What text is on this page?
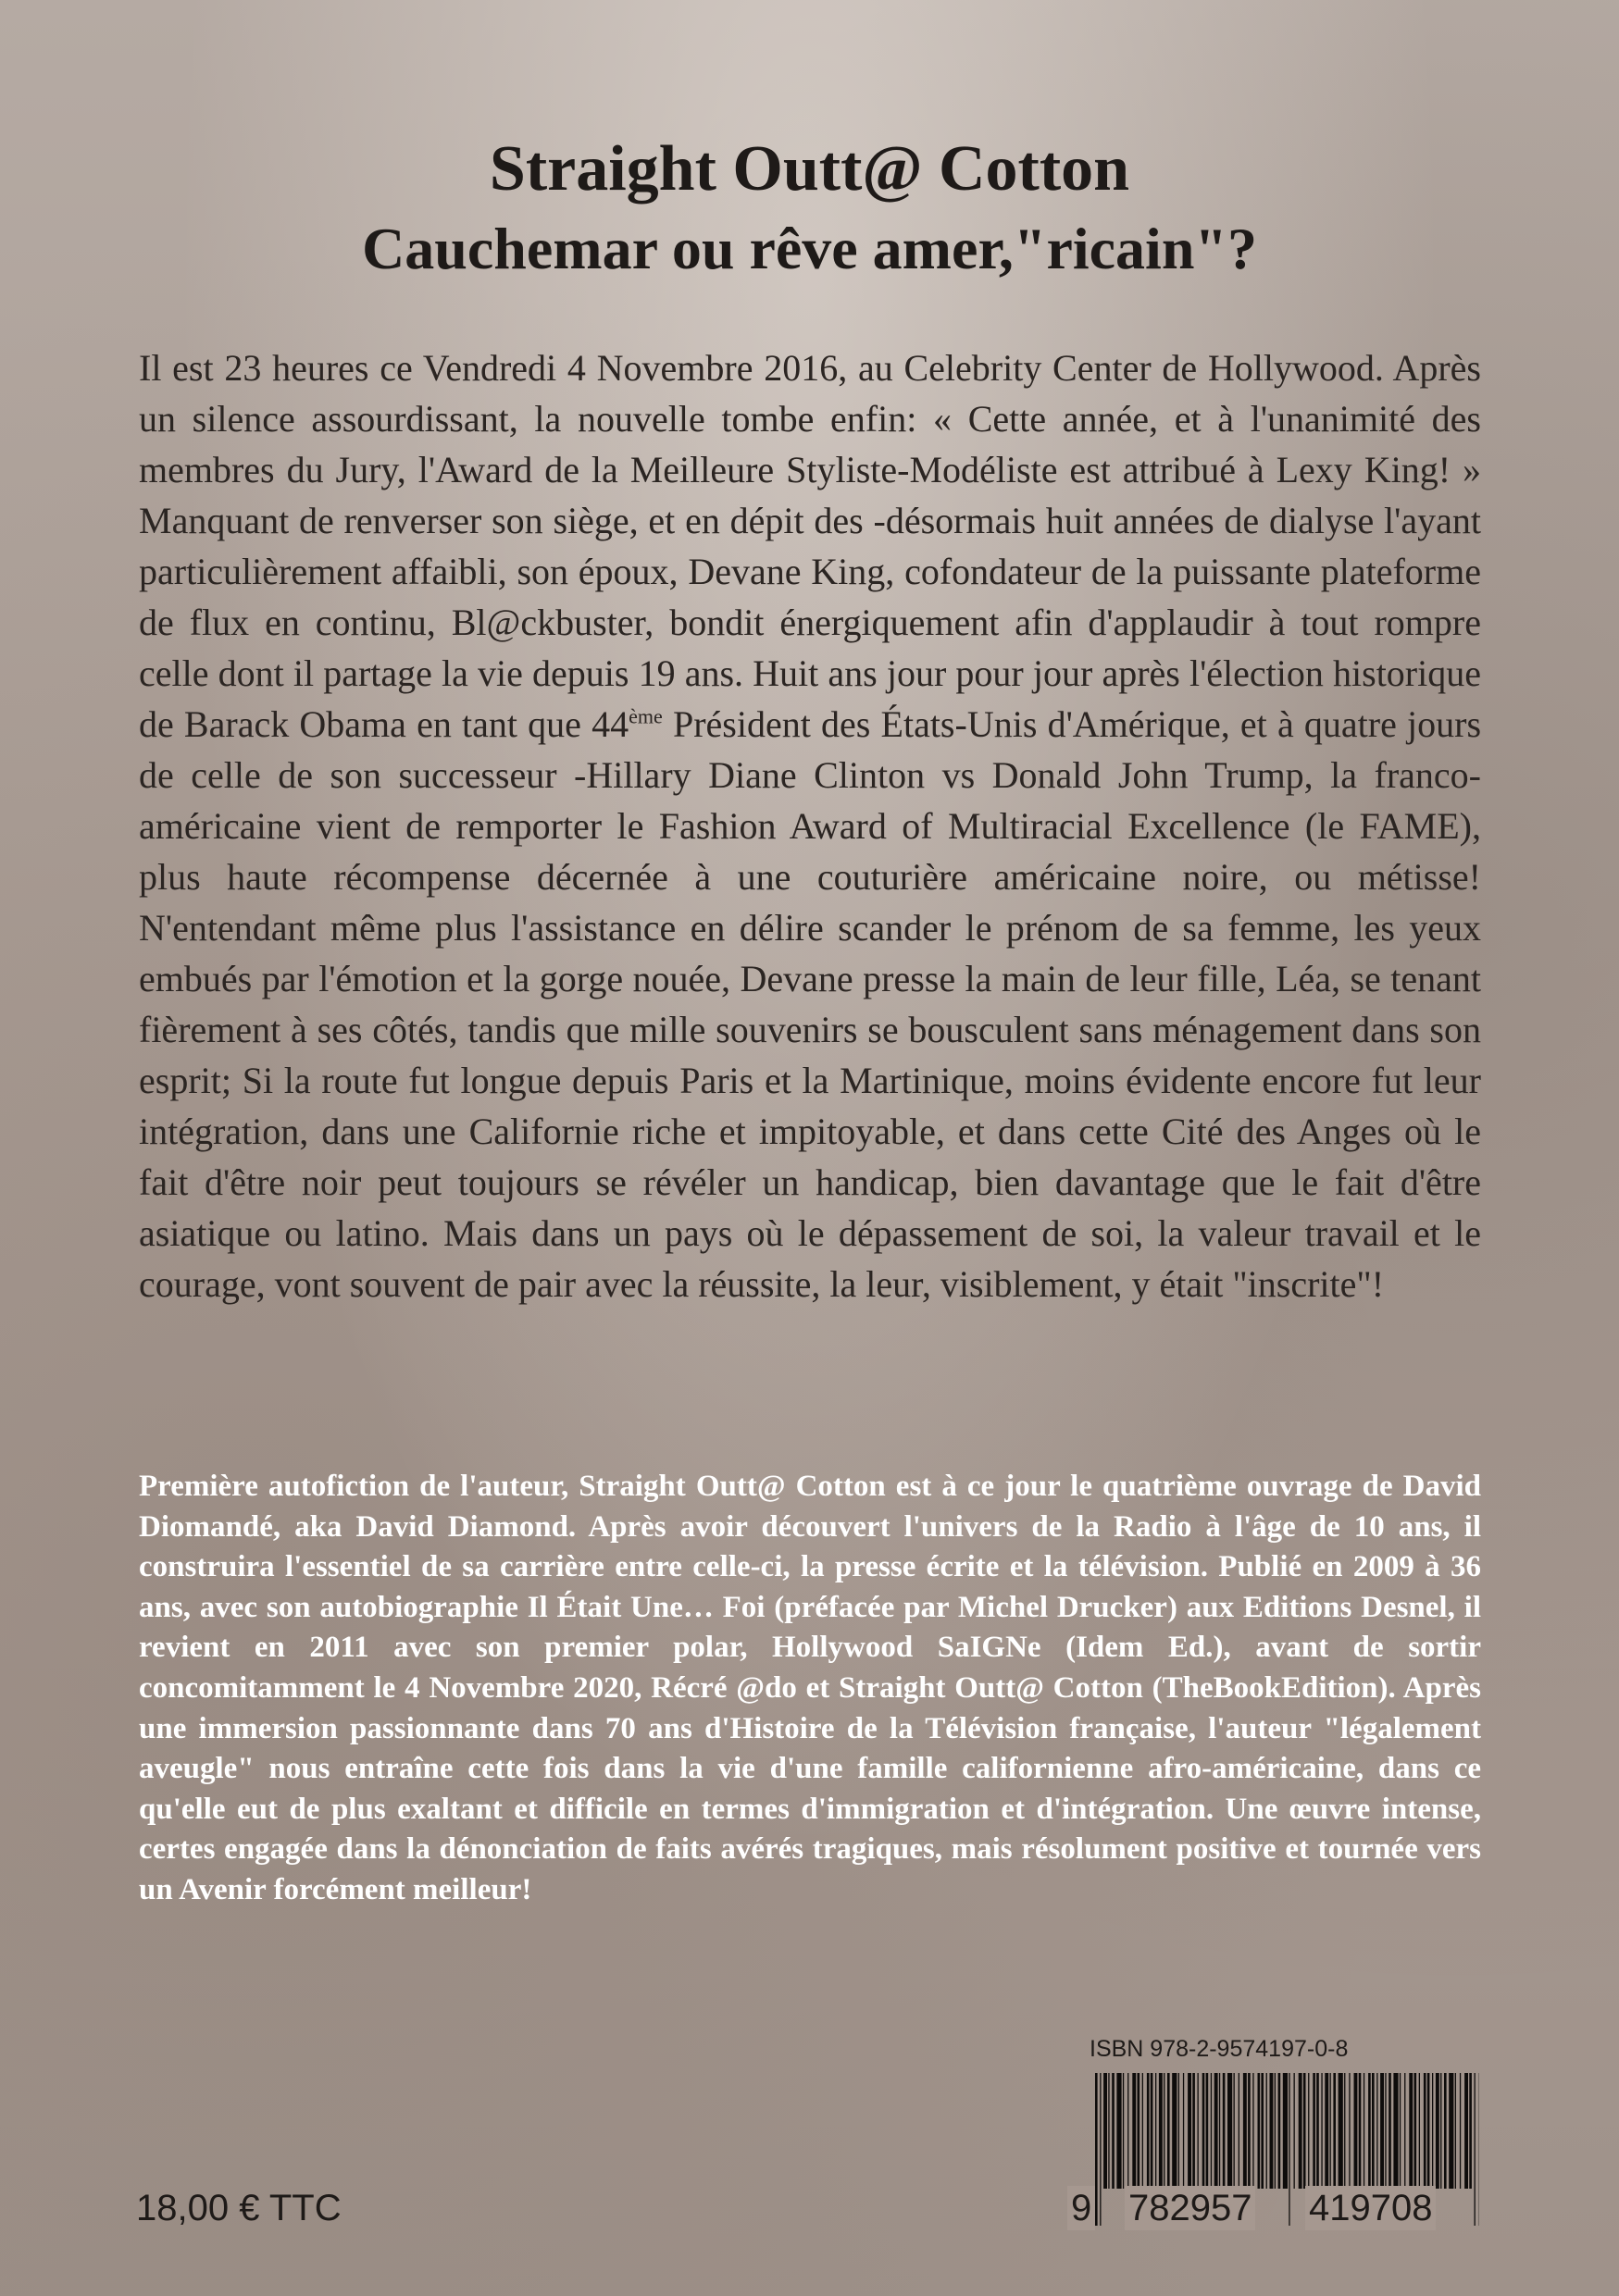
Straight Outt@ Cotton
Cauchemar ou rêve amer,"ricain"?

Il est 23 heures ce Vendredi 4 Novembre 2016, au Celebrity Center de Hollywood. Après un silence assourdissant, la nouvelle tombe enfin: « Cette année, et à l'unanimité des membres du Jury, l'Award de la Meilleure Styliste-Modéliste est attribué à Lexy King! » Manquant de renverser son siège, et en dépit des -désormais huit années de dialyse l'ayant particulièrement affaibli, son époux, Devane King, cofondateur de la puissante plateforme de flux en continu, Bl@ckbuster, bondit énergiquement afin d'applaudir à tout rompre celle dont il partage la vie depuis 19 ans. Huit ans jour pour jour après l'élection historique de Barack Obama en tant que 44ème Président des États-Unis d'Amérique, et à quatre jours de celle de son successeur -Hillary Diane Clinton vs Donald John Trump, la franco-américaine vient de remporter le Fashion Award of Multiracial Excellence (le FAME), plus haute récompense décernée à une couturière américaine noire, ou métisse! N'entendant même plus l'assistance en délire scander le prénom de sa femme, les yeux embués par l'émotion et la gorge nouée, Devane presse la main de leur fille, Léa, se tenant fièrement à ses côtés, tandis que mille souvenirs se bousculent sans ménagement dans son esprit; Si la route fut longue depuis Paris et la Martinique, moins évidente encore fut leur intégration, dans une Californie riche et impitoyable, et dans cette Cité des Anges où le fait d'être noir peut toujours se révéler un handicap, bien davantage que le fait d'être asiatique ou latino. Mais dans un pays où le dépassement de soi, la valeur travail et le courage, vont souvent de pair avec la réussite, la leur, visiblement, y était "inscrite"!

Première autofiction de l'auteur, Straight Outt@ Cotton est à ce jour le quatrième ouvrage de David Diomandé, aka David Diamond. Après avoir découvert l'univers de la Radio à l'âge de 10 ans, il construira l'essentiel de sa carrière entre celle-ci, la presse écrite et la télévision. Publié en 2009 à 36 ans, avec son autobiographie Il Était Une… Foi (préfacée par Michel Drucker) aux Editions Desnel, il revient en 2011 avec son premier polar, Hollywood SaIGNe (Idem Ed.), avant de sortir concomitamment le 4 Novembre 2020, Récré @do et Straight Outt@ Cotton (TheBookEdition). Après une immersion passionnante dans 70 ans d'Histoire de la Télévision française, l'auteur "légalement aveugle" nous entraîne cette fois dans la vie d'une famille californienne afro-américaine, dans ce qu'elle eut de plus exaltant et difficile en termes d'immigration et d'intégration. Une œuvre intense, certes engagée dans la dénonciation de faits avérés tragiques, mais résolument positive et tournée vers un Avenir forcément meilleur!

ISBN 978-2-9574197-0-8
9 782957 419708
18,00 € TTC
